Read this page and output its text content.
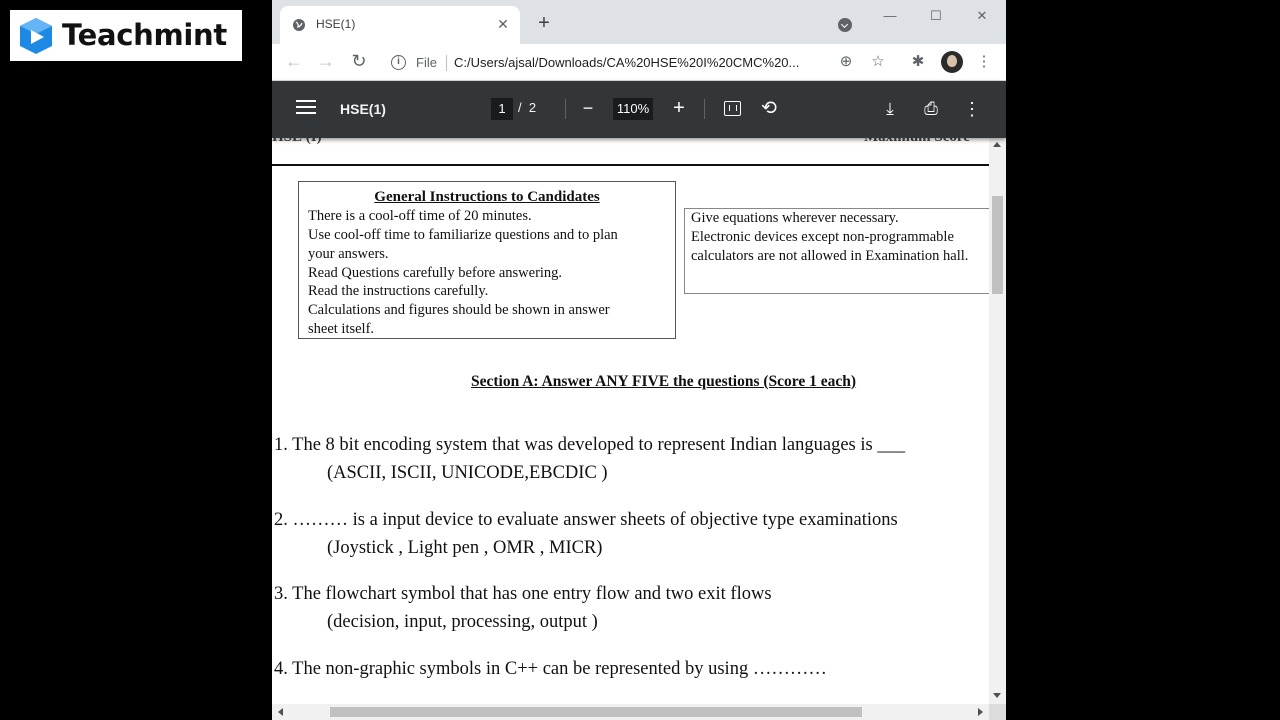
Teachmint	HSE(1)	✕ +	—	☐	✕
← → ↻	i	File C:/Users/ajsal/Downloads/CA%20HSE%20I%20CMC%20...	⊕	☆	✱	⋮
HSE(1)	1 / 2	−	110%	+	⟲	⤓	⎙ ⋮
General Instructions to Candidates
There is a cool-off time of 20 minutes.
Use cool-off time to familiarize questions and to plan
your answers.
Read Questions carefully before answering.
Read the instructions carefully.
Calculations and figures should be shown in answer
sheet itself.
Give equations wherever necessary.
Electronic devices except non-programmable
calculators are not allowed in Examination hall.
Section A: Answer ANY FIVE the questions (Score 1 each)
1. The 8 bit encoding system that was developed to represent Indian languages is ___
(ASCII, ISCII, UNICODE,EBCDIC )
2. ……… is a input device to evaluate answer sheets of objective type examinations
(Joystick , Light pen , OMR , MICR)
3. The flowchart symbol that has one entry flow and two exit flows
(decision, input, processing, output )
4. The non-graphic symbols in C++ can be represented by using …………
